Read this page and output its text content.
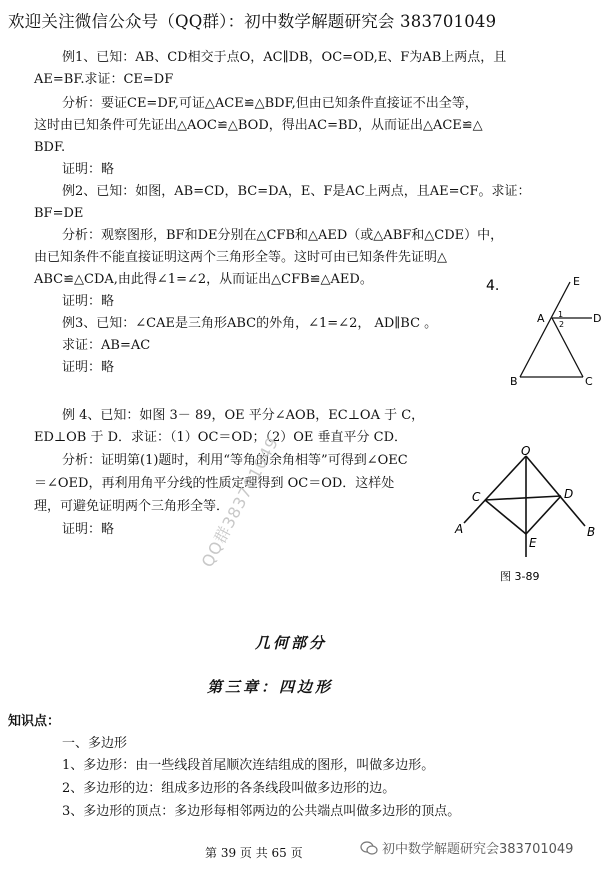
欢迎关注微信公众号（QQ群）：初中数学解题研究会 383701049
例1、已知：AB、CD相交于点O，AC∥DB，OC=OD,E、F为AB上两点，且
AE=BF.求证：CE=DF
分析：要证CE=DF,可证△ACE≌△BDF,但由已知条件直接证不出全等，
这时由已知条件可先证出△AOC≌△BOD，得出AC=BD，从而证出△ACE≌△
BDF.
证明：略
例2、已知：如图，AB=CD，BC=DA，E、F是AC上两点，且AE=CF。求证：
BF=DE
分析：观察图形，BF和DE分别在△CFB和△AED（或△ABF和△CDE）中，
由已知条件不能直接证明这两个三角形全等。这时可由已知条件先证明△
ABC≌△CDA,由此得∠1=∠2，从而证出△CFB≌△AED。
证明：略
例3、已知：∠CAE是三角形ABC的外角，∠1=∠2， AD∥BC 。
求证：AB=AC
证明：略
例 4、已知：如图 3－ 89，OE 平分∠AOB，EC⊥OA 于 C，
ED⊥OB 于 D．求证：（1）OC＝OD；（2）OE 垂直平分 CD．
分析：证明第(1)题时，利用“等角的余角相等”可得到∠OEC
＝∠OED，再利用角平分线的性质定理得到 OC＝OD．这样处
理，可避免证明两个三角形全等．
证明：略
4.	E
A	D
1
2
B	C
O
C	D
A	B
E
图 3-89
QQ群383701049
几何部分
第三章：四边形
知识点：
一、多边形
1、多边形：由一些线段首尾顺次连结组成的图形，叫做多边形。
2、多边形的边：组成多边形的各条线段叫做多边形的边。
3、多边形的顶点：多边形每相邻两边的公共端点叫做多边形的顶点。
第 39 页 共 65 页	初中数学解题研究会383701049
